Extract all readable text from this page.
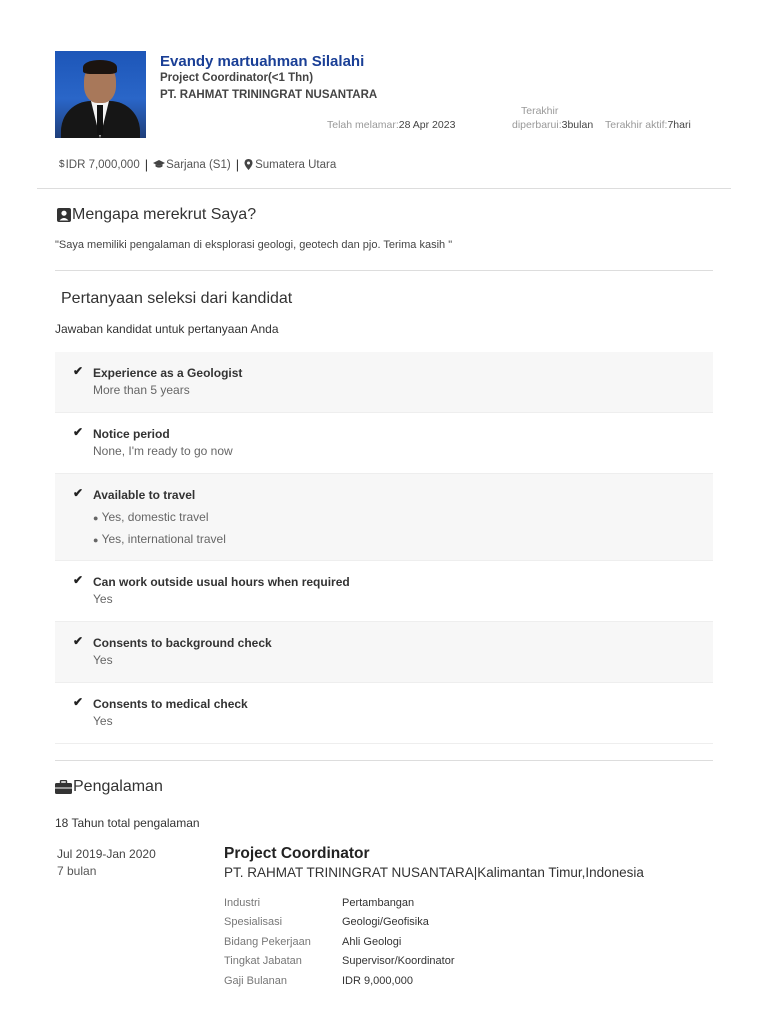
Evandy martuahman Silalahi
Project Coordinator(<1 Thn)
PT. RAHMAT TRININGRAT NUSANTARA
Telah melamar:28 Apr 2023
Terakhir
diperbarui:3bulan Terakhir aktif:7hari
$ IDR 7,000,000 | Sarjana (S1) | Sumatera Utara
Mengapa merekrut Saya?
"Saya memiliki pengalaman di eksplorasi geologi, geotech dan pjo. Terima kasih "
Pertanyaan seleksi dari kandidat
Jawaban kandidat untuk pertanyaan Anda
✔ Experience as a Geologist
More than 5 years
✔ Notice period
None, I'm ready to go now
✔ Available to travel
● Yes, domestic travel
● Yes, international travel
✔ Can work outside usual hours when required
Yes
✔ Consents to background check
Yes
✔ Consents to medical check
Yes
Pengalaman
18 Tahun total pengalaman
Jul 2019-Jan 2020
7 bulan
Project Coordinator
PT. RAHMAT TRININGRAT NUSANTARA|Kalimantan Timur,Indonesia
Industri	Pertambangan
Spesialisasi	Geologi/Geofisika
Bidang Pekerjaan	Ahli Geologi
Tingkat Jabatan	Supervisor/Koordinator
Gaji Bulanan	IDR 9,000,000
